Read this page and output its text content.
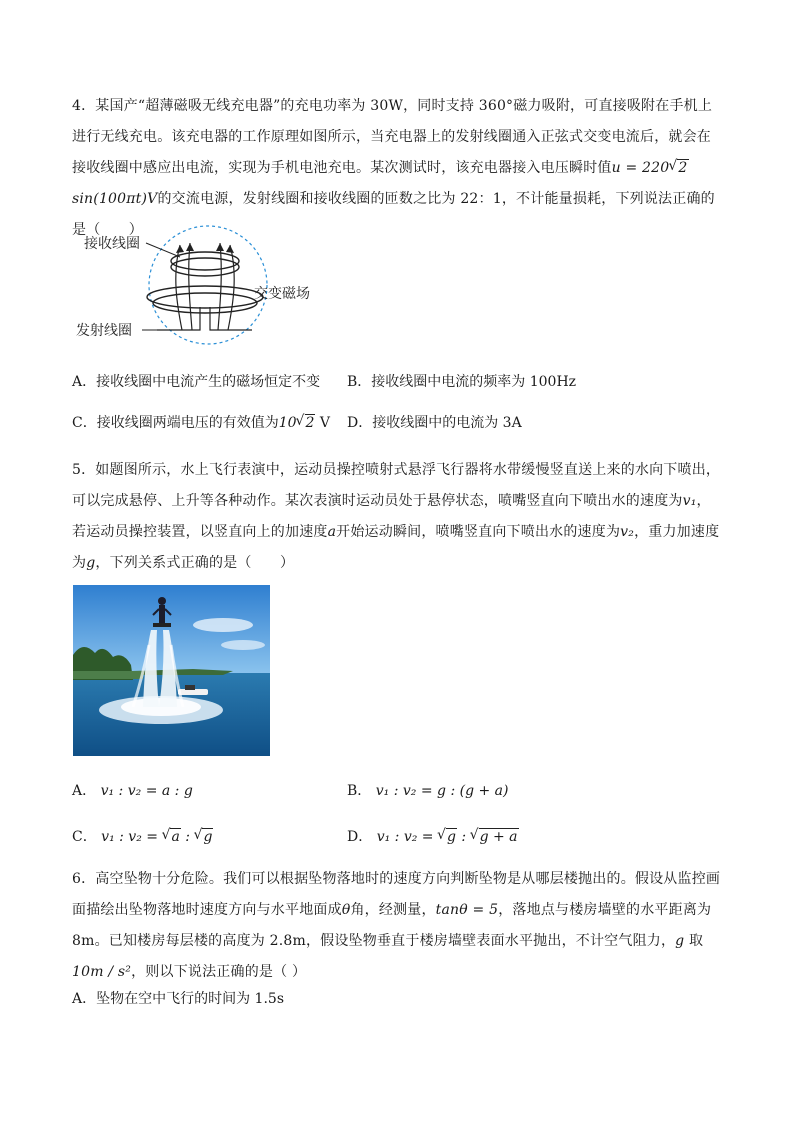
4．某国产“超薄磁吸无线充电器”的充电功率为 30W，同时支持 360°磁力吸附，可直接吸附在手机上进行无线充电。该充电器的工作原理如图所示，当充电器上的发射线圈通入正弦式交变电流后，就会在接收线圈中感应出电流，实现为手机电池充电。某次测试时，该充电器接入电压瞬时值u = 220 √ 2sin(100πt)V的交流电源，发射线圈和接收线圈的匝数之比为 22：1，不计能量损耗，下列说法正确的是（　　）
接收线圈
交变磁场
发射线圈
A．接收线圈中电流产生的磁场恒定不变 B．接收线圈中电流的频率为 100Hz
C．接收线圈两端电压的有效值为10 √ 2 V D．接收线圈中的电流为 3A
5．如题图所示，水上飞行表演中，运动员操控喷射式悬浮飞行器将水带缓慢竖直送上来的水向下喷出，可以完成悬停、上升等各种动作。某次表演时运动员处于悬停状态，喷嘴竖直向下喷出水的速度为v₁，若运动员操控装置，以竖直向上的加速度a开始运动瞬间，喷嘴竖直向下喷出水的速度为v₂，重力加速度为g，下列关系式正确的是（　　）
A． v₁ : v₂ = a : g	B． v₁ : v₂ = g : (g + a)
C． v₁ : v₂ = √ a : √ g	D． v₁ : v₂ = √ g : √ g + a
6．高空坠物十分危险。我们可以根据坠物落地时的速度方向判断坠物是从哪层楼抛出的。假设从监控画面描绘出坠物落地时速度方向与水平地面成θ角，经测量，tanθ = 5，落地点与楼房墙壁的水平距离为 8m。已知楼房每层楼的高度为 2.8m，假设坠物垂直于楼房墙壁表面水平抛出，不计空气阻力，g 取10m / s²，则以下说法正确的是（ ）
A．坠物在空中飞行的时间为 1.5s
